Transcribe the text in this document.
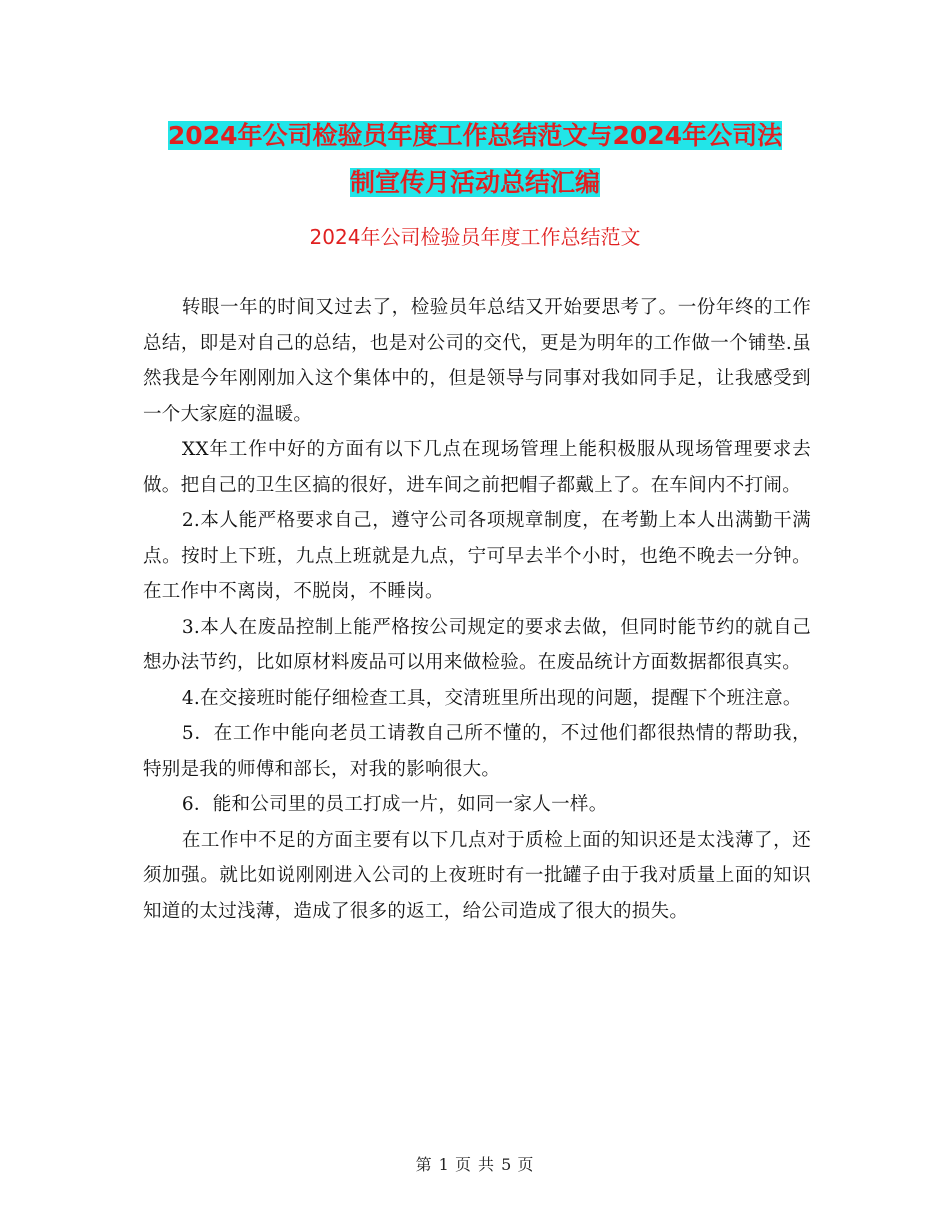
2024年公司检验员年度工作总结范文与2024年公司法
制宣传月活动总结汇编
2024年公司检验员年度工作总结范文

转眼一年的时间又过去了，检验员年总结又开始要思考了。一份年终的工作总结，即是对自己的总结，也是对公司的交代，更是为明年的工作做一个铺垫.虽然我是今年刚刚加入这个集体中的，但是领导与同事对我如同手足，让我感受到一个大家庭的温暖。

XX年工作中好的方面有以下几点在现场管理上能积极服从现场管理要求去做。把自己的卫生区搞的很好，进车间之前把帽子都戴上了。在车间内不打闹。

2.本人能严格要求自己，遵守公司各项规章制度，在考勤上本人出满勤干满点。按时上下班，九点上班就是九点，宁可早去半个小时，也绝不晚去一分钟。在工作中不离岗，不脱岗，不睡岗。

3.本人在废品控制上能严格按公司规定的要求去做，但同时能节约的就自己想办法节约，比如原材料废品可以用来做检验。在废品统计方面数据都很真实。

4.在交接班时能仔细检查工具，交清班里所出现的问题，提醒下个班注意。

5．在工作中能向老员工请教自己所不懂的，不过他们都很热情的帮助我，特别是我的师傅和部长，对我的影响很大。

6．能和公司里的员工打成一片，如同一家人一样。

在工作中不足的方面主要有以下几点对于质检上面的知识还是太浅薄了，还须加强。就比如说刚刚进入公司的上夜班时有一批罐子由于我对质量上面的知识知道的太过浅薄，造成了很多的返工，给公司造成了很大的损失。

第 1 页 共 5 页
